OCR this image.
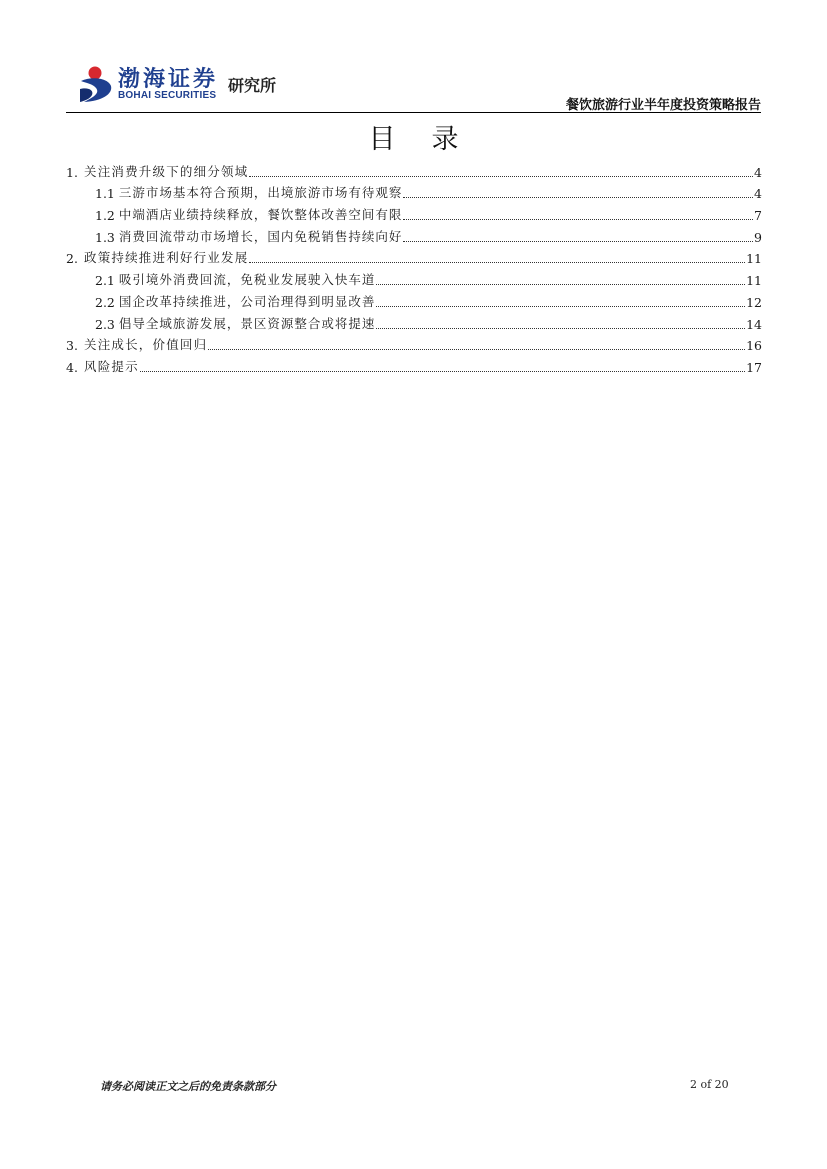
渤海证券
BOHAI SECURITIES
研究所
餐饮旅游行业半年度投资策略报告
目录
1. 关注消费升级下的细分领域	4
1.1 三游市场基本符合预期，出境旅游市场有待观察	4
1.2 中端酒店业绩持续释放，餐饮整体改善空间有限	7
1.3 消费回流带动市场增长，国内免税销售持续向好	9
2. 政策持续推进利好行业发展	11
2.1 吸引境外消费回流，免税业发展驶入快车道	11
2.2 国企改革持续推进，公司治理得到明显改善	12
2.3 倡导全域旅游发展，景区资源整合或将提速	14
3. 关注成长，价值回归	16
4. 风险提示	17
请务必阅读正文之后的免责条款部分	2 of 20
